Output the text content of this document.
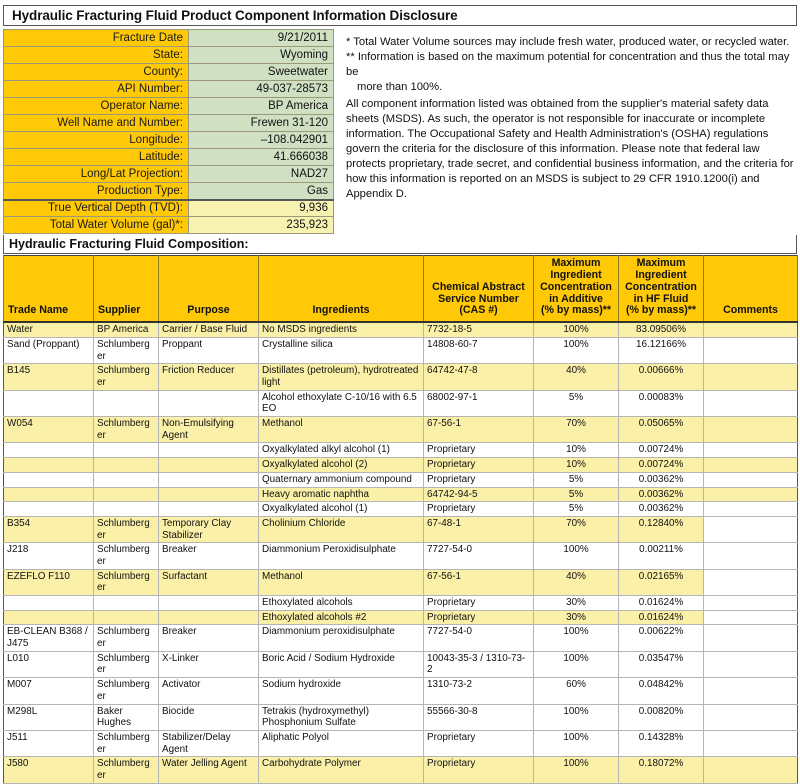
Hydraulic Fracturing Fluid Product Component Information Disclosure
Fracture Date	9/21/2011
State:	Wyoming
County:	Sweetwater
API Number:	49-037-28573
Operator Name:	BP America
Well Name and Number:	Frewen 31-120
Longitude:	–108.042901
Latitude:	41.666038
Long/Lat Projection:	NAD27
Production Type:	Gas
True Vertical Depth (TVD):	9,936
Total Water Volume (gal)*:	235,923

* Total Water Volume sources may include fresh water, produced water, or recycled water.

** Information is based on the maximum potential for concentration and thus the total may be

more than 100%.

All component information listed was obtained from the supplier's material safety data sheets (MSDS). As such, the operator is not responsible for inaccurate or incomplete information. The Occupational Safety and Health Administration's (OSHA) regulations govern the criteria for the disclosure of this information. Please note that federal law protects proprietary, trade secret, and confidential business information, and the criteria for how this information is reported on an MSDS is subject to 29 CFR 1910.1200(i) and Appendix D.

Hydraulic Fracturing Fluid Composition:
Trade Name	Supplier	Purpose	Ingredients	Chemical Abstract
Service Number
(CAS #)	Maximum
Ingredient
Concentration
in Additive
(% by mass)**	Maximum
Ingredient
Concentration
in HF Fluid
(% by mass)**	Comments
Water	BP America	Carrier / Base Fluid	No MSDS ingredients	7732-18-5	100%	83.09506%	
Sand (Proppant)	Schlumberger	Proppant	Crystalline silica	14808-60-7	100%	16.12166%	
B145	Schlumberger	Friction Reducer	Distillates (petroleum), hydrotreated light	64742-47-8	40%	0.00666%	
			Alcohol ethoxylate C-10/16 with 6.5 EO	68002-97-1	5%	0.00083%	
W054	Schlumberger	Non-Emulsifying Agent	Methanol	67-56-1	70%	0.05065%	
			Oxyalkylated alkyl alcohol (1)	Proprietary	10%	0.00724%	
			Oxyalkylated alcohol (2)	Proprietary	10%	0.00724%	
			Quaternary ammonium compound	Proprietary	5%	0.00362%	
			Heavy aromatic naphtha	64742-94-5	5%	0.00362%	
			Oxyalkylated alcohol (1)	Proprietary	5%	0.00362%	
B354	Schlumberger	Temporary Clay Stabilizer	Cholinium Chloride	67-48-1	70%	0.12840%	
J218	Schlumberger	Breaker	Diammonium Peroxidisulphate	7727-54-0	100%	0.00211%	
EZEFLO F110	Schlumberger	Surfactant	Methanol	67-56-1	40%	0.02165%	
			Ethoxylated alcohols	Proprietary	30%	0.01624%	
			Ethoxylated alcohols #2	Proprietary	30%	0.01624%	
EB-CLEAN B368 / J475	Schlumberger	Breaker	Diammonium peroxidisulphate	7727-54-0	100%	0.00622%	
L010	Schlumberger	X-Linker	Boric Acid / Sodium Hydroxide	10043-35-3 / 1310-73-2	100%	0.03547%	
M007	Schlumberger	Activator	Sodium hydroxide	1310-73-2	60%	0.04842%	
M298L	Baker Hughes	Biocide	Tetrakis (hydroxymethyl) Phosphonium Sulfate	55566-30-8	100%	0.00820%	
J511	Schlumberger	Stabilizer/Delay Agent	Aliphatic Polyol	Proprietary	100%	0.14328%	
J580	Schlumberger	Water Jelling Agent	Carbohydrate Polymer	Proprietary	100%	0.18072%	
